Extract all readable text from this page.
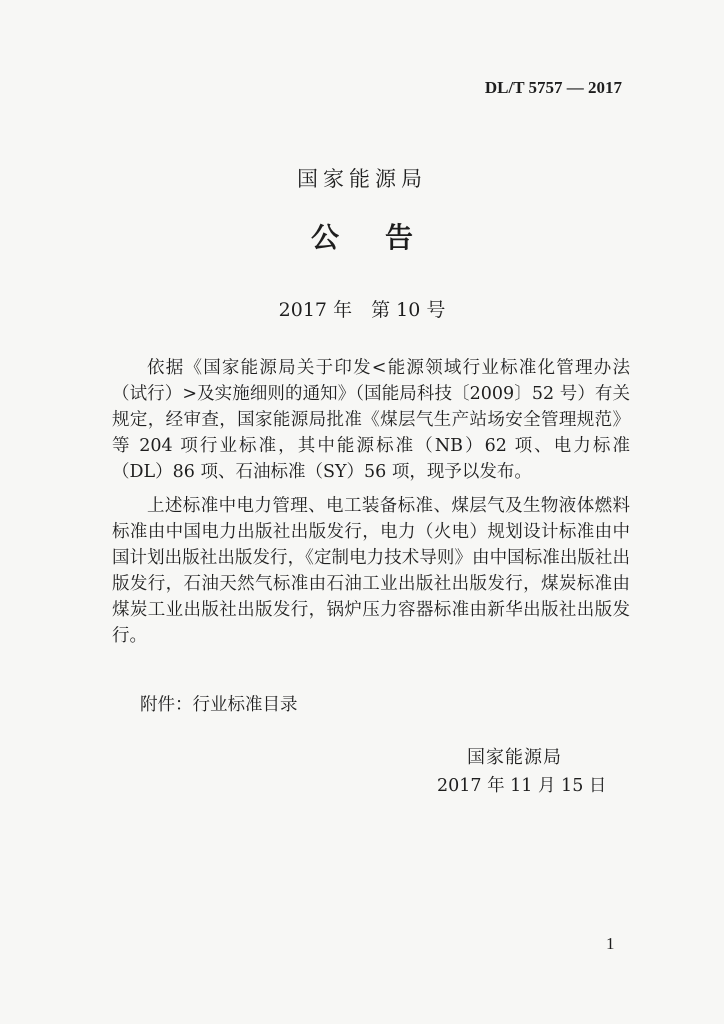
DL/T 5757 — 2017
国家能源局
公告
2017 年　第 10 号

依据《国家能源局关于印发<能源领域行业标准化管理办法（试行）>及实施细则的通知》（国能局科技〔2009〕52 号）有关规定，经审查，国家能源局批准《煤层气生产站场安全管理规范》等 204 项行业标准，其中能源标准（NB）62 项、电力标准（DL）86 项、石油标准（SY）56 项，现予以发布。

上述标准中电力管理、电工装备标准、煤层气及生物液体燃料标准由中国电力出版社出版发行，电力（火电）规划设计标准由中国计划出版社出版发行，《定制电力技术导则》由中国标准出版社出版发行，石油天然气标准由石油工业出版社出版发行，煤炭标准由煤炭工业出版社出版发行，锅炉压力容器标准由新华出版社出版发行。

附件：行业标准目录
国家能源局
2017 年 11 月 15 日
1
